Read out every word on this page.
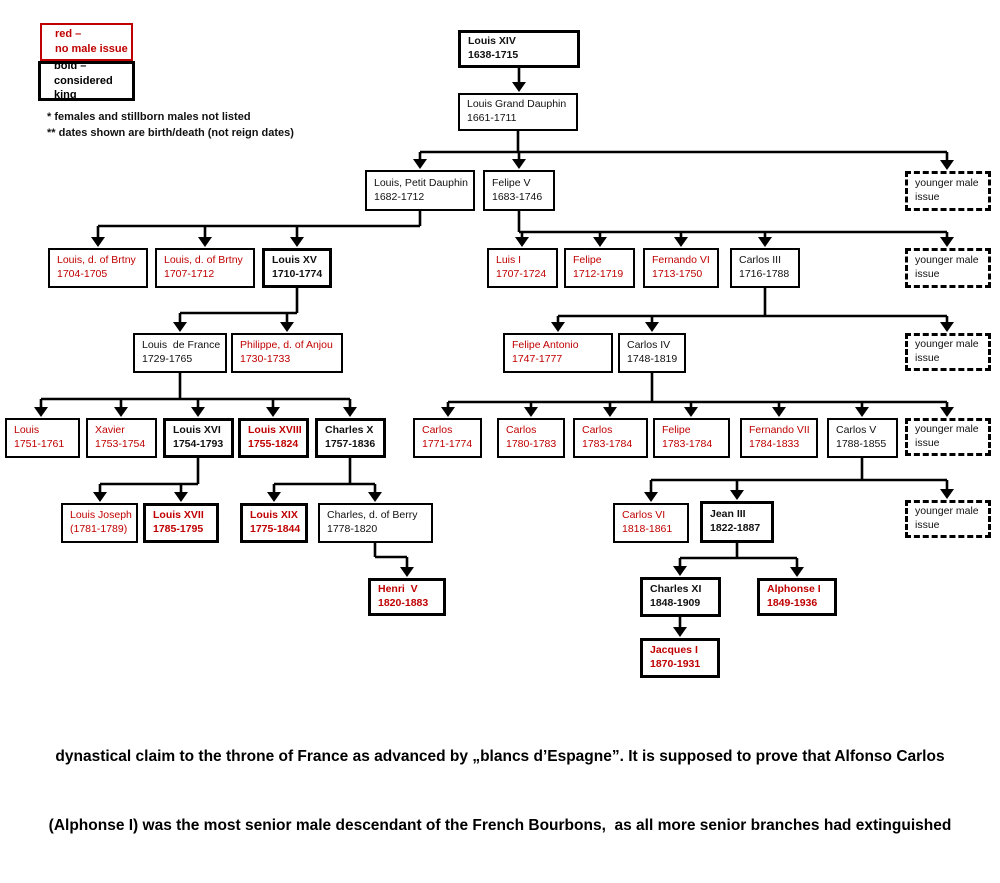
red –
no male issue
bold –
considered king
* females and stillborn males not listed
** dates shown are birth/death (not reign dates)
Louis XIV
1638-1715
Louis Grand Dauphin
1661-1711
Louis, Petit Dauphin
1682-1712
Felipe V
1683-1746
younger male
issue
Louis, d. of Brtny
1704-1705
Louis, d. of Brtny
1707-1712
Louis XV
1710-1774
Luis I
1707-1724
Felipe
1712-1719
Fernando VI
1713-1750
Carlos III
1716-1788
younger male
issue
Louis  de France
1729-1765
Philippe, d. of Anjou
1730-1733
Felipe Antonio
1747-1777
Carlos IV
1748-1819
younger male
issue
Louis
1751-1761
Xavier
1753-1754
Louis XVI
1754-1793
Louis XVIII
1755-1824
Charles X
1757-1836
Carlos
1771-1774
Carlos
1780-1783
Carlos
1783-1784
Felipe
1783-1784
Fernando VII
1784-1833
Carlos V
1788-1855
younger male
issue
Louis Joseph
(1781-1789)
Louis XVII
1785-1795
Louis XIX
1775-1844
Charles, d. of Berry
1778-1820
Carlos VI
1818-1861
Jean III
1822-1887
younger male
issue
Henri  V
1820-1883
Charles XI
1848-1909
Alphonse I
1849-1936
Jacques I
1870-1931

dynastical claim to the throne of France as advanced by „blancs d’Espagne”. It is supposed to prove that Alfonso Carlos

(Alphonse I) was the most senior male descendant of the French Bourbons,  as all more senior branches had extinguished
